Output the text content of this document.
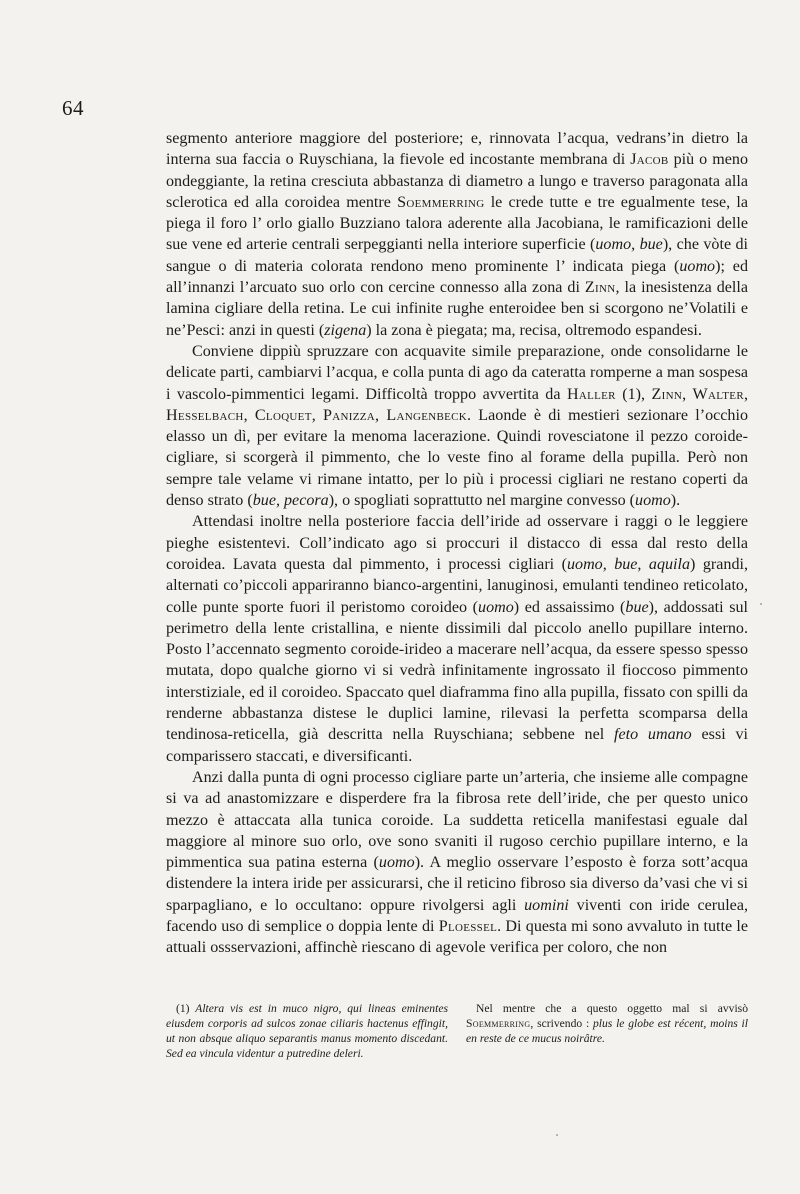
64

segmento anteriore maggiore del posteriore; e, rinnovata l’acqua, vedrans’in dietro la interna sua faccia o Ruyschiana, la fievole ed incostante membrana di Jacob più o meno ondeggiante, la retina cresciuta abbastanza di diametro a lungo e traverso paragonata alla sclerotica ed alla coroidea mentre Soemmerring le crede tutte e tre egualmente tese, la piega il foro l’ orlo giallo Buzziano talora aderente alla Jacobiana, le ramificazioni delle sue vene ed arterie centrali serpeggianti nella interiore superficie (uomo, bue), che vòte di sangue o di materia colorata rendono meno prominente l’ indicata piega (uomo); ed all’innanzi l’arcuato suo orlo con cercine connesso alla zona di Zinn, la inesistenza della lamina cigliare della retina. Le cui infinite rughe enteroidee ben si scorgono ne’Volatili e ne’Pesci: anzi in questi (zigena) la zona è piegata; ma, recisa, oltremodo espandesi.

Conviene dippiù spruzzare con acquavite simile preparazione, onde consolidarne le delicate parti, cambiarvi l’acqua, e colla punta di ago da cateratta romperne a man sospesa i vascolo-pimmentici legami. Difficoltà troppo avvertita da Haller (1), Zinn, Walter, Hesselbach, Cloquet, Panizza, Langenbeck. Laonde è di mestieri sezionare l’occhio elasso un dì, per evitare la menoma lacerazione. Quindi rovesciatone il pezzo coroide-cigliare, si scorgerà il pimmento, che lo veste fino al forame della pupilla. Però non sempre tale velame vi rimane intatto, per lo più i processi cigliari ne restano coperti da denso strato (bue, pecora), o spogliati soprattutto nel margine convesso (uomo).

Attendasi inoltre nella posteriore faccia dell’iride ad osservare i raggi o le leggiere pieghe esistentevi. Coll’indicato ago si proccuri il distacco di essa dal resto della coroidea. Lavata questa dal pimmento, i processi cigliari (uomo, bue, aquila) grandi, alternati co’piccoli appariranno bianco-argentini, lanuginosi, emulanti tendineo reticolato, colle punte sporte fuori il peristomo coroideo (uomo) ed assaissimo (bue), addossati sul perimetro della lente cristallina, e niente dissimili dal piccolo anello pupillare interno. Posto l’accennato segmento coroide-irideo a macerare nell’acqua, da essere spesso spesso mutata, dopo qualche giorno vi si vedrà infinitamente ingrossato il fioccoso pimmento interstiziale, ed il coroideo. Spaccato quel diaframma fino alla pupilla, fissato con spilli da renderne abbastanza distese le duplici lamine, rilevasi la perfetta scomparsa della tendinosa-reticella, già descritta nella Ruyschiana; sebbene nel feto umano essi vi comparissero staccati, e diversificanti.

Anzi dalla punta di ogni processo cigliare parte un’arteria, che insieme alle compagne si va ad anastomizzare e disperdere fra la fibrosa rete dell’iride, che per questo unico mezzo è attaccata alla tunica coroide. La suddetta reticella manifestasi eguale dal maggiore al minore suo orlo, ove sono svaniti il rugoso cerchio pupillare interno, e la pimmentica sua patina esterna (uomo). A meglio osservare l’esposto è forza sott’acqua distendere la intera iride per assicurarsi, che il reticino fibroso sia diverso da’vasi che vi si sparpagliano, e lo occultano: oppure rivolgersi agli uomini viventi con iride cerulea, facendo uso di semplice o doppia lente di Ploessel. Di questa mi sono avvaluto in tutte le attuali ossservazioni, affinchè riescano di agevole verifica per coloro, che non

(1) Altera vis est in muco nigro, qui lineas eminentes eiusdem corporis ad sulcos zonae ciliaris hactenus effingit, ut non absque aliquo separantis manus momento discedant. Sed ea vincula videntur a putredine deleri.
Nel mentre che a questo oggetto mal si avvisò Soemmerring, scrivendo : plus le globe est récent, moins il en reste de ce mucus noirâtre.
